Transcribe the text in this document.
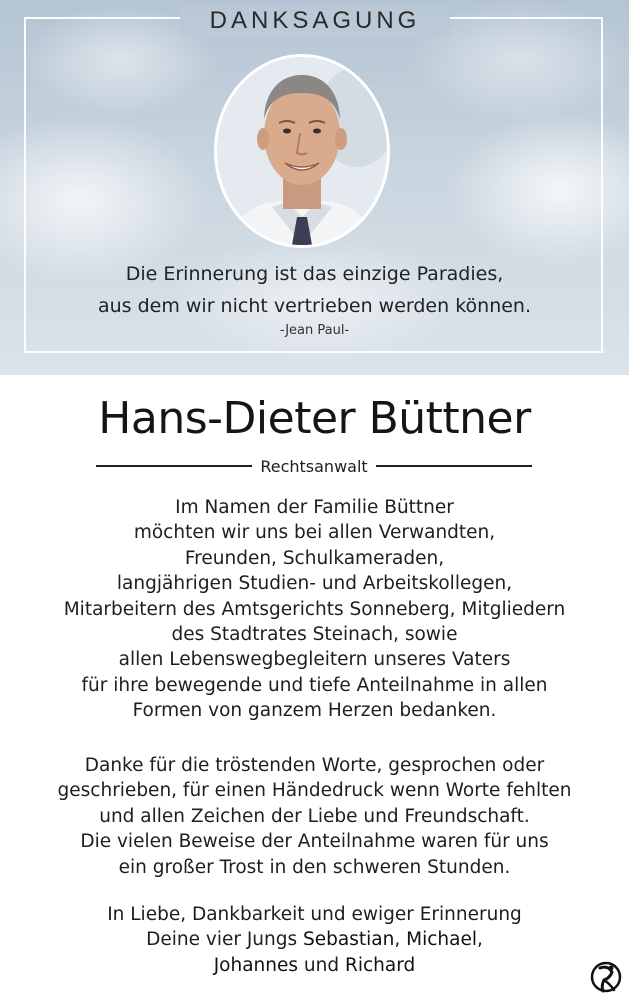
DANKSAGUNG
Die Erinnerung ist das einzige Paradies,
aus dem wir nicht vertrieben werden können.
-Jean Paul-
Hans-Dieter Büttner
Rechtsanwalt
Im Namen der Familie Büttner
möchten wir uns bei allen Verwandten,
Freunden, Schulkameraden,
langjährigen Studien- und Arbeitskollegen,
Mitarbeitern des Amtsgerichts Sonneberg, Mitgliedern
des Stadtrates Steinach, sowie
allen Lebenswegbegleitern unseres Vaters
für ihre bewegende und tiefe Anteilnahme in allen
Formen von ganzem Herzen bedanken.
Danke für die tröstenden Worte, gesprochen oder
geschrieben, für einen Händedruck wenn Worte fehlten
und allen Zeichen der Liebe und Freundschaft.
Die vielen Beweise der Anteilnahme waren für uns
ein großer Trost in den schweren Stunden.
In Liebe, Dankbarkeit und ewiger Erinnerung
Deine vier Jungs Sebastian, Michael,
Johannes und Richard
